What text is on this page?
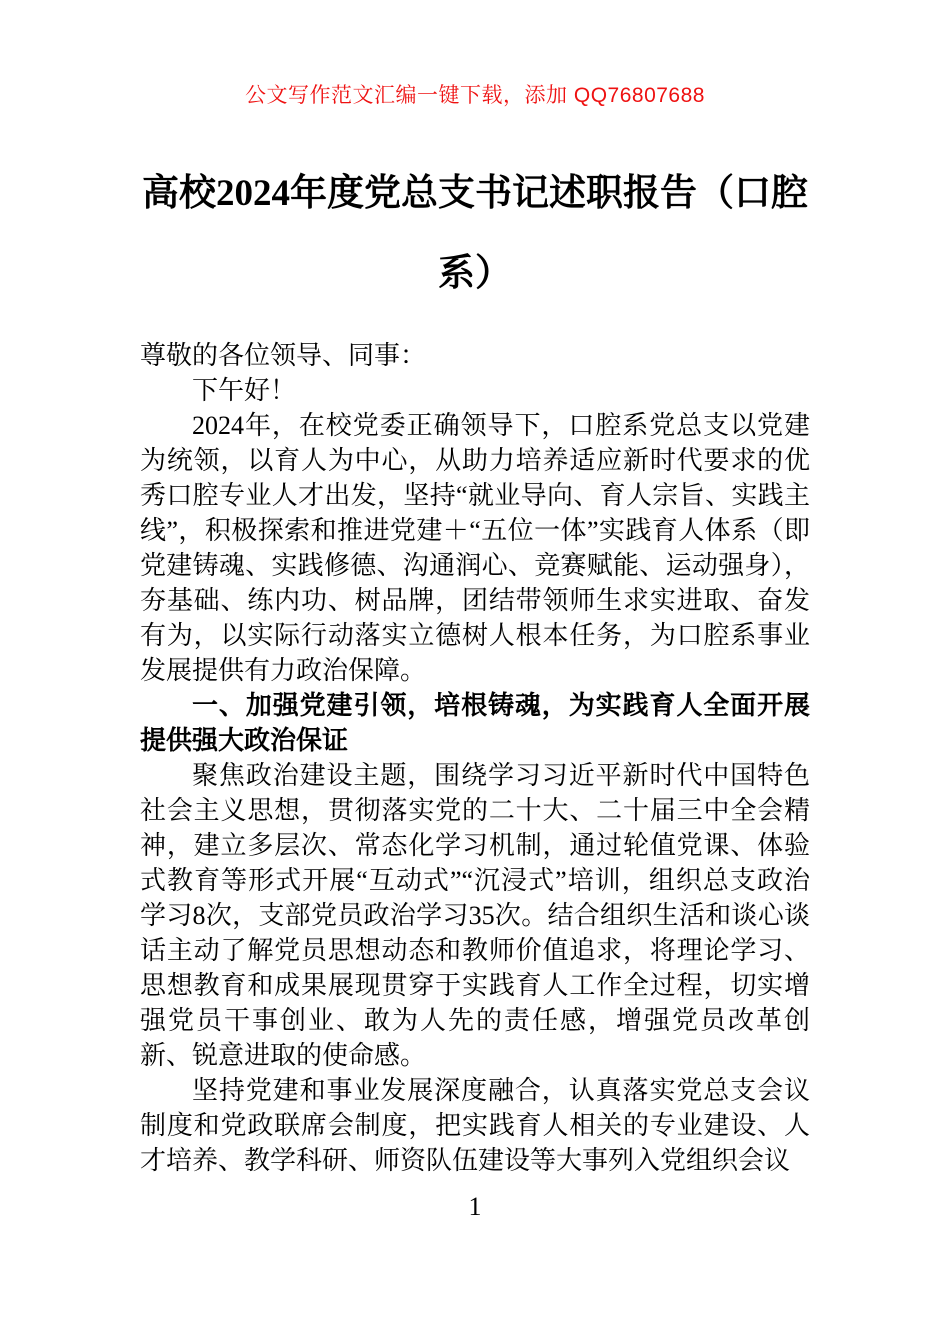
公文写作范文汇编一键下载，添加 QQ76807688
高校2024年度党总支书记述职报告（口腔系）

尊敬的各位领导、同事：

下午好！

2024年，在校党委正确领导下，口腔系党总支以党建为统领，以育人为中心，从助力培养适应新时代要求的优秀口腔专业人才出发，坚持“就业导向、育人宗旨、实践主线”，积极探索和推进党建＋“五位一体”实践育人体系（即党建铸魂、实践修德、沟通润心、竞赛赋能、运动强身），夯基础、练内功、树品牌，团结带领师生求实进取、奋发有为，以实际行动落实立德树人根本任务，为口腔系事业发展提供有力政治保障。

一、加强党建引领，培根铸魂，为实践育人全面开展提供强大政治保证

聚焦政治建设主题，围绕学习习近平新时代中国特色社会主义思想，贯彻落实党的二十大、二十届三中全会精神，建立多层次、常态化学习机制，通过轮值党课、体验式教育等形式开展“互动式”“沉浸式”培训，组织总支政治学习8次，支部党员政治学习35次。结合组织生活和谈心谈话主动了解党员思想动态和教师价值追求，将理论学习、思想教育和成果展现贯穿于实践育人工作全过程，切实增强党员干事创业、敢为人先的责任感，增强党员改革创新、锐意进取的使命感。

坚持党建和事业发展深度融合，认真落实党总支会议制度和党政联席会制度，把实践育人相关的专业建设、人才培养、教学科研、师资队伍建设等大事列入党组织会议

1
